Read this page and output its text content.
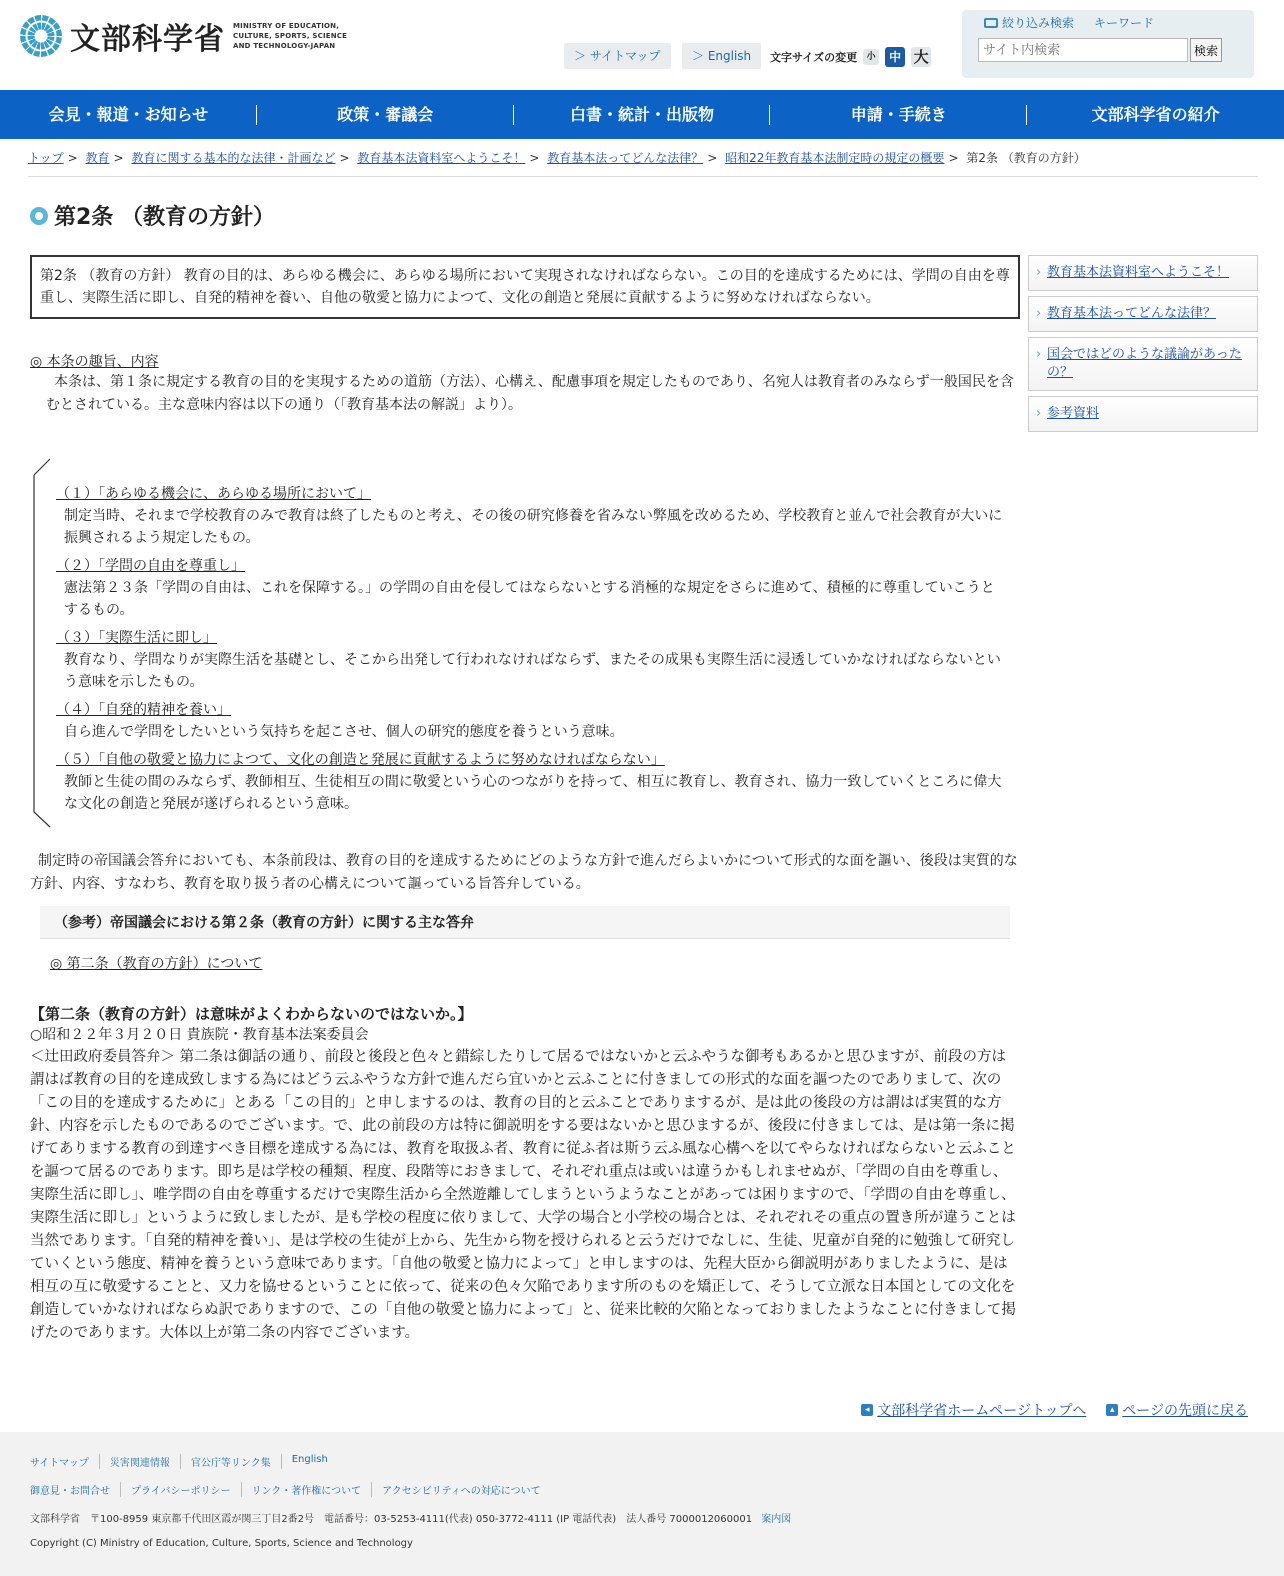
文部科学省 MINISTRY OF EDUCATION, CULTURE, SPORTS, SCIENCE AND TECHNOLOGY-JAPAN
＞ サイトマップ	＞ English	文字サイズの変更	小	中 大
絞り込み検索 キーワード
サイト内検索
検索
会見・報道・お知らせ	政策・審議会	白書・統計・出版物	申請・手続き	文部科学省の紹介
トップ > 教育 > 教育に関する基本的な法律・計画など > 教育基本法資料室へようこそ！ > 教育基本法ってどんな法律？ > 昭和22年教育基本法制定時の規定の概要 > 第2条 （教育の方針）
第2条 （教育の方針）
第2条 （教育の方針） 教育の目的は、あらゆる機会に、あらゆる場所において実現されなければならない。この目的を達成するためには、学問の自由を尊重し、実際生活に即し、自発的精神を養い、自他の敬愛と協力によつて、文化の創造と発展に貢献するように努めなければならない。
◎ 本条の趣旨、内容
本条は、第１条に規定する教育の目的を実現するための道筋（方法）、心構え、配慮事項を規定したものであり、名宛人は教育者のみならず一般国民を含むとされている。主な意味内容は以下の通り（「教育基本法の解説」より）。
（１）「あらゆる機会に、あらゆる場所において」
制定当時、それまで学校教育のみで教育は終了したものと考え、その後の研究修養を省みない弊風を改めるため、学校教育と並んで社会教育が大いに振興されるよう規定したもの。
（２）「学問の自由を尊重し」
憲法第２３条「学問の自由は、これを保障する。」の学問の自由を侵してはならないとする消極的な規定をさらに進めて、積極的に尊重していこうとするもの。
（３）「実際生活に即し」
教育なり、学問なりが実際生活を基礎とし、そこから出発して行われなければならず、またその成果も実際生活に浸透していかなければならないという意味を示したもの。
（４）「自発的精神を養い」
自ら進んで学問をしたいという気持ちを起こさせ、個人の研究的態度を養うという意味。
（５）「自他の敬愛と協力によつて、文化の創造と発展に貢献するように努めなければならない」
教師と生徒の間のみならず、教師相互、生徒相互の間に敬愛という心のつながりを持って、相互に教育し、教育され、協力一致していくところに偉大な文化の創造と発展が遂げられるという意味。
制定時の帝国議会答弁においても、本条前段は、教育の目的を達成するためにどのような方針で進んだらよいかについて形式的な面を謳い、後段は実質的な方針、内容、すなわち、教育を取り扱う者の心構えについて謳っている旨答弁している。
（参考）帝国議会における第２条（教育の方針）に関する主な答弁
◎ 第二条（教育の方針）について
【第二条（教育の方針）は意味がよくわからないのではないか。】
○昭和２２年３月２０日 貴族院・教育基本法案委員会
＜辻田政府委員答弁＞ 第二条は御話の通り、前段と後段と色々と錯綜したりして居るではないかと云ふやうな御考もあるかと思ひますが、前段の方は謂はば教育の目的を達成致しまする為にはどう云ふやうな方針で進んだら宜いかと云ふことに付きましての形式的な面を謳つたのでありまして、次の「この目的を達成するために」とある「この目的」と申しまするのは、教育の目的と云ふことでありまするが、是は此の後段の方は謂はば実質的な方針、内容を示したものであるのでございます。で、此の前段の方は特に御説明をする要はないかと思ひまするが、後段に付きましては、是は第一条に掲げてありまする教育の到達すべき目標を達成する為には、教育を取扱ふ者、教育に従ふ者は斯う云ふ風な心構へを以てやらなければならないと云ふことを謳つて居るのであります。即ち是は学校の種類、程度、段階等におきまして、それぞれ重点は或いは違うかもしれませぬが、「学問の自由を尊重し、実際生活に即し」、唯学問の自由を尊重するだけで実際生活から全然遊離してしまうというようなことがあっては困りますので、「学問の自由を尊重し、実際生活に即し」というように致しましたが、是も学校の程度に依りまして、大学の場合と小学校の場合とは、それぞれその重点の置き所が違うことは当然であります。「自発的精神を養い」、是は学校の生徒が上から、先生から物を授けられると云うだけでなしに、生徒、児童が自発的に勉強して研究していくという態度、精神を養うという意味であります。「自他の敬愛と協力によって」と申しますのは、先程大臣から御説明がありましたように、是は相互の互に敬愛することと、又力を協せるということに依って、従来の色々欠陥であります所のものを矯正して、そうして立派な日本国としての文化を創造していかなければならぬ訳でありますので、この「自他の敬愛と協力によって」と、従来比較的欠陥となっておりましたようなことに付きまして掲げたのであります。大体以上が第二条の内容でございます。
› 教育基本法資料室へようこそ！
› 教育基本法ってどんな法律？
› 国会ではどのような議論があったの？
› 参考資料
◂ 文部科学省ホームページトップへ	▴ ページの先頭に戻る
サイトマップ	災害関連情報	官公庁等リンク集	English
御意見・お問合せ	プライバシーポリシー	リンク・著作権について	アクセシビリティへの対応について
文部科学省　〒100-8959 東京都千代田区霞が関三丁目2番2号　電話番号：03-5253-4111(代表) 050-3772-4111 (IP 電話代表)　法人番号 7000012060001 案内図
Copyright (C) Ministry of Education, Culture, Sports, Science and Technology
